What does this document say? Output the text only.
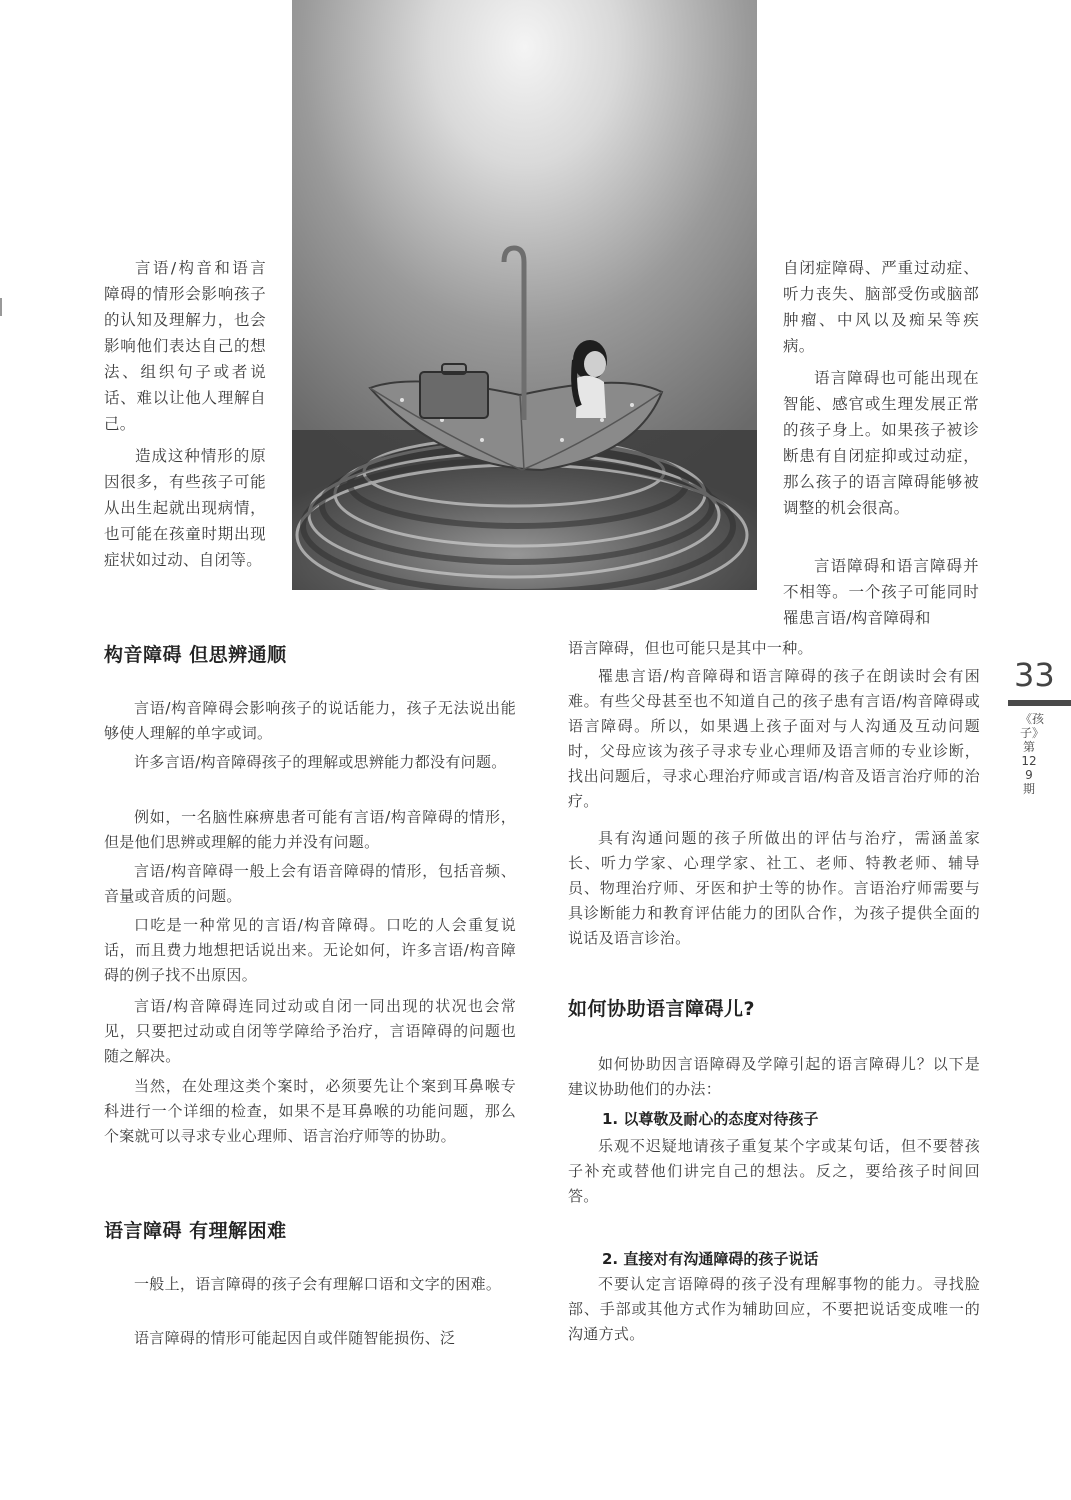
言语/构音和语言障碍的情形会影响孩子的认知及理解力，也会影响他们表达自己的想法、组织句子或者说话、难以让他人理解自己。

造成这种情形的原因很多，有些孩子可能从出生起就出现病情，也可能在孩童时期出现症状如过动、自闭等。

自闭症障碍、严重过动症、听力丧失、脑部受伤或脑部肿瘤、中风以及痴呆等疾病。

语言障碍也可能出现在智能、感官或生理发展正常的孩子身上。如果孩子被诊断患有自闭症抑或过动症，那么孩子的语言障碍能够被调整的机会很高。

言语障碍和语言障碍并不相等。一个孩子可能同时罹患言语/构音障碍和

构音障碍 但思辨通顺

言语/构音障碍会影响孩子的说话能力，孩子无法说出能够使人理解的单字或词。

许多言语/构音障碍孩子的理解或思辨能力都没有问题。

例如，一名脑性麻痹患者可能有言语/构音障碍的情形，但是他们思辨或理解的能力并没有问题。

言语/构音障碍一般上会有语音障碍的情形，包括音频、音量或音质的问题。

口吃是一种常见的言语/构音障碍。口吃的人会重复说话，而且费力地想把话说出来。无论如何，许多言语/构音障碍的例子找不出原因。

言语/构音障碍连同过动或自闭一同出现的状况也会常见，只要把过动或自闭等学障给予治疗，言语障碍的问题也随之解决。

当然，在处理这类个案时，必须要先让个案到耳鼻喉专科进行一个详细的检查，如果不是耳鼻喉的功能问题，那么个案就可以寻求专业心理师、语言治疗师等的协助。

语言障碍 有理解困难

一般上，语言障碍的孩子会有理解口语和文字的困难。

语言障碍的情形可能起因自或伴随智能损伤、泛

语言障碍，但也可能只是其中一种。

罹患言语/构音障碍和语言障碍的孩子在朗读时会有困难。有些父母甚至也不知道自己的孩子患有言语/构音障碍或语言障碍。所以，如果遇上孩子面对与人沟通及互动问题时，父母应该为孩子寻求专业心理师及语言师的专业诊断，找出问题后，寻求心理治疗师或言语/构音及语言治疗师的治疗。

具有沟通问题的孩子所做出的评估与治疗，需涵盖家长、听力学家、心理学家、社工、老师、特教老师、辅导员、物理治疗师、牙医和护士等的协作。言语治疗师需要与具诊断能力和教育评估能力的团队合作，为孩子提供全面的说话及语言诊治。

如何协助语言障碍儿?

如何协助因言语障碍及学障引起的语言障碍儿？以下是建议协助他们的办法：

1. 以尊敬及耐心的态度对待孩子

乐观不迟疑地请孩子重复某个字或某句话，但不要替孩子补充或替他们讲完自己的想法。反之，要给孩子时间回答。

2. 直接对有沟通障碍的孩子说话

不要认定言语障碍的孩子没有理解事物的能力。寻找脸部、手部或其他方式作为辅助回应，不要把说话变成唯一的沟通方式。

33
《孩子》第129期
